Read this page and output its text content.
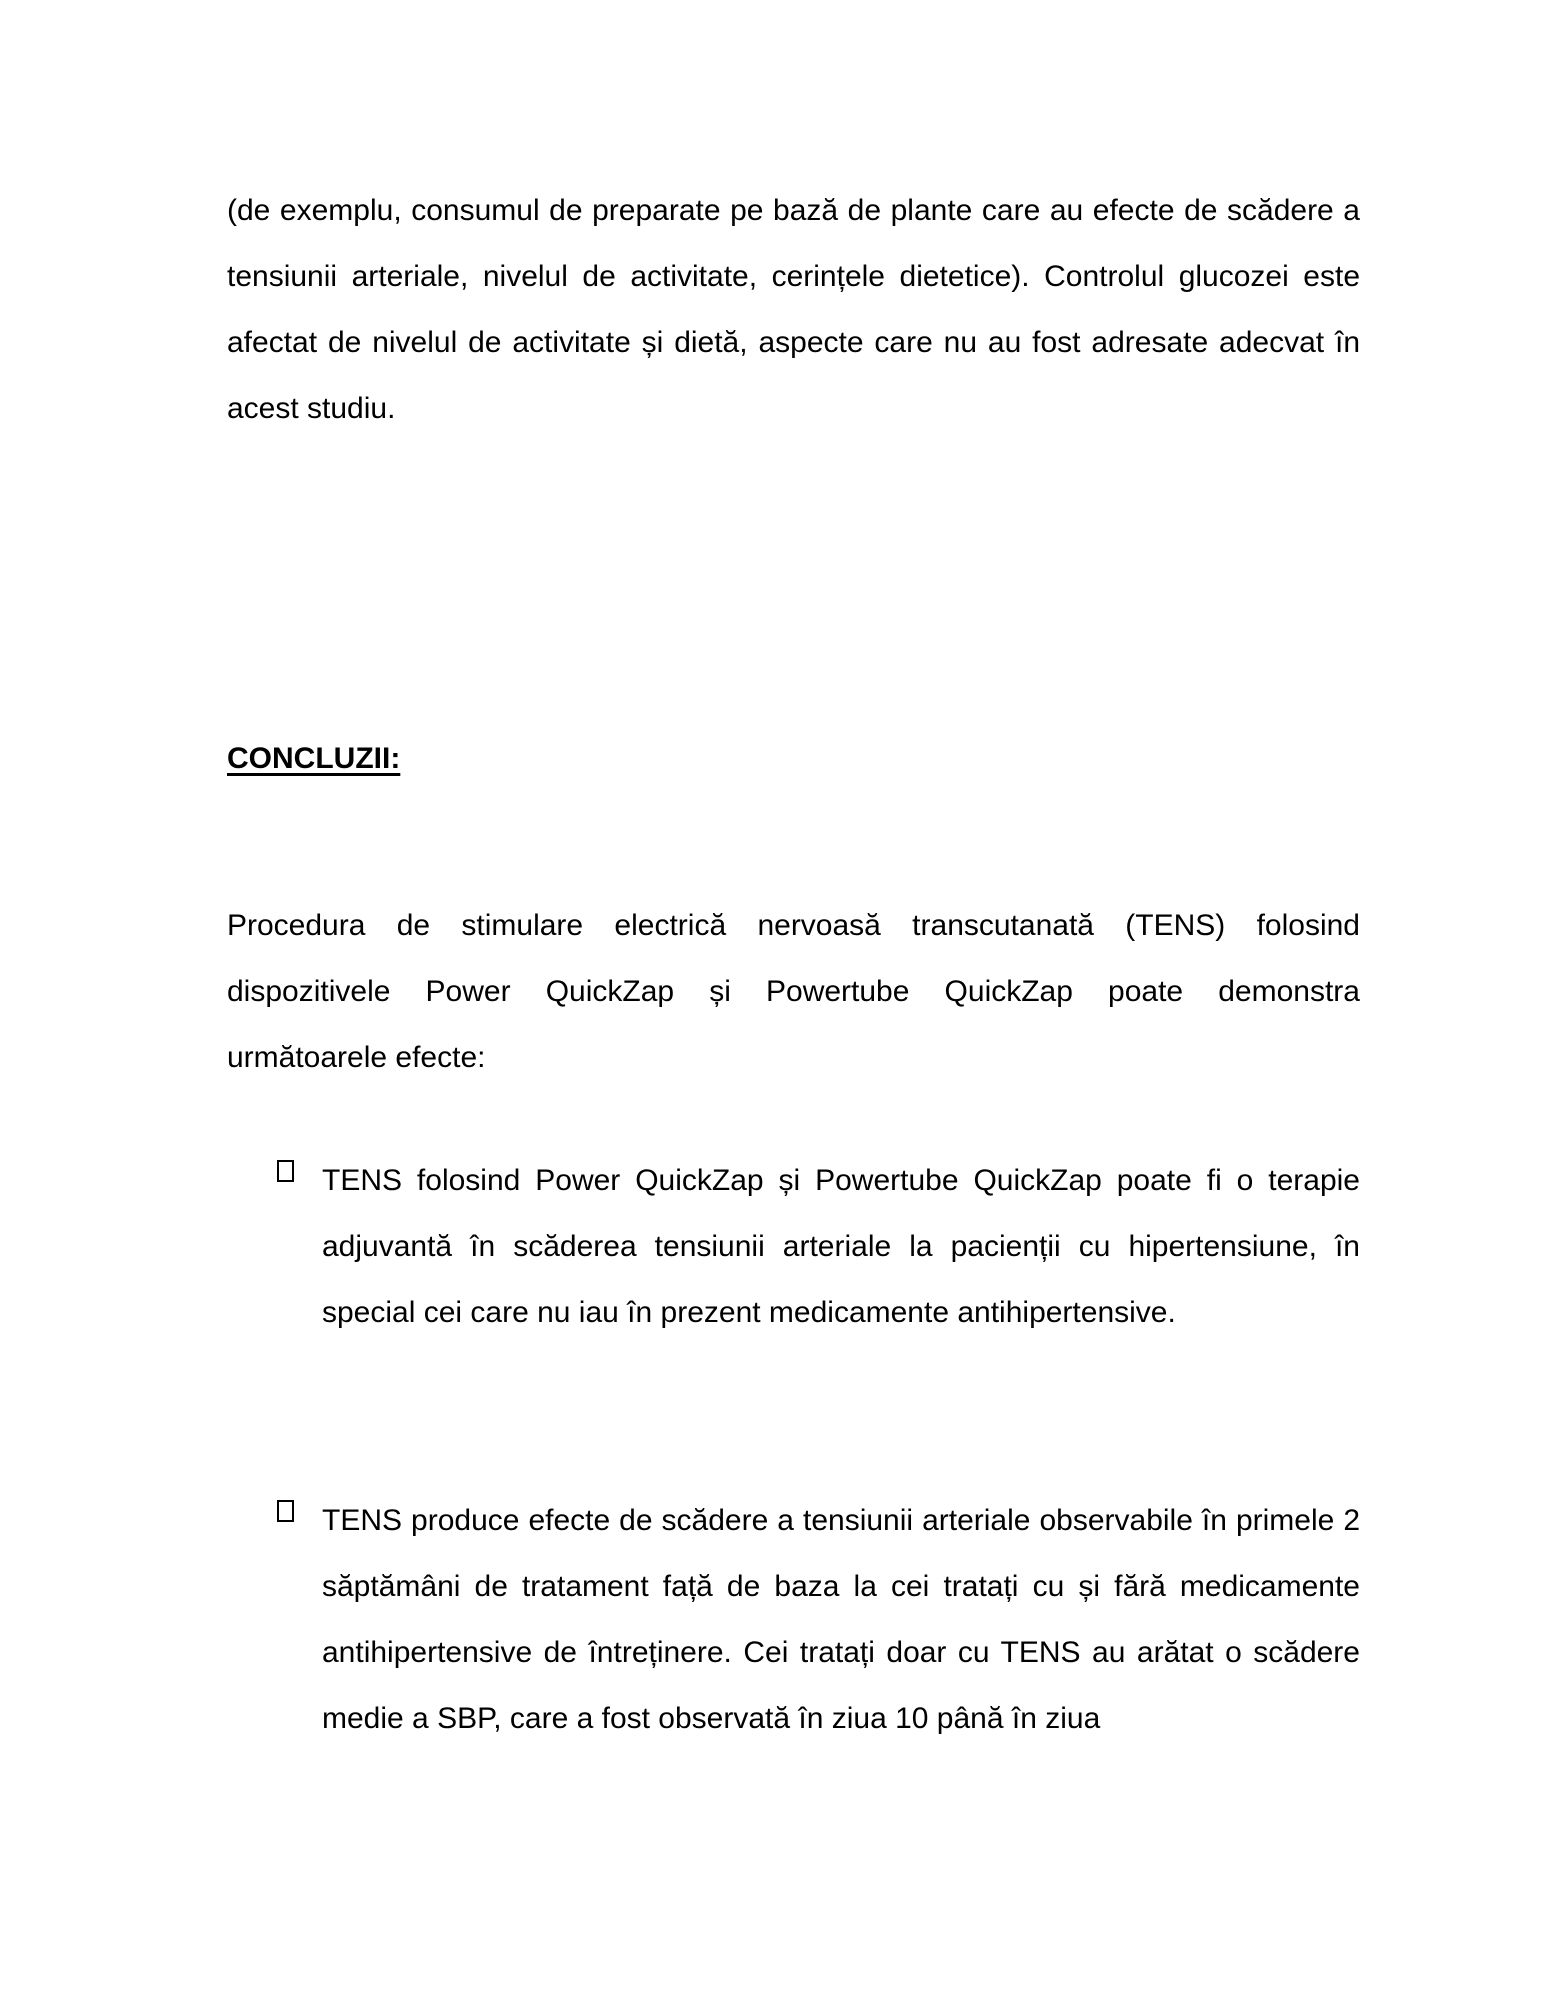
(de exemplu, consumul de preparate pe bază de plante care au efecte de scădere a
tensiunii arteriale, nivelul de activitate, cerințele dietetice). Controlul glucozei este
afectat de nivelul de activitate și dietă, aspecte care nu au fost adresate adecvat în
acest studiu.
CONCLUZII:
Procedura de stimulare electrică nervoasă transcutanată (TENS) folosind
dispozitivele Power QuickZap și Powertube QuickZap poate demonstra
următoarele efecte:
TENS folosind Power QuickZap și Powertube QuickZap poate fi o terapie
adjuvantă în scăderea tensiunii arteriale la pacienții cu hipertensiune, în
special cei care nu iau în prezent medicamente antihipertensive.
TENS produce efecte de scădere a tensiunii arteriale observabile în primele 2
săptămâni de tratament față de baza la cei tratați cu și fără medicamente
antihipertensive de întreținere. Cei tratați doar cu TENS au arătat o scădere
medie a SBP, care a fost observată în ziua 10 până în ziua
